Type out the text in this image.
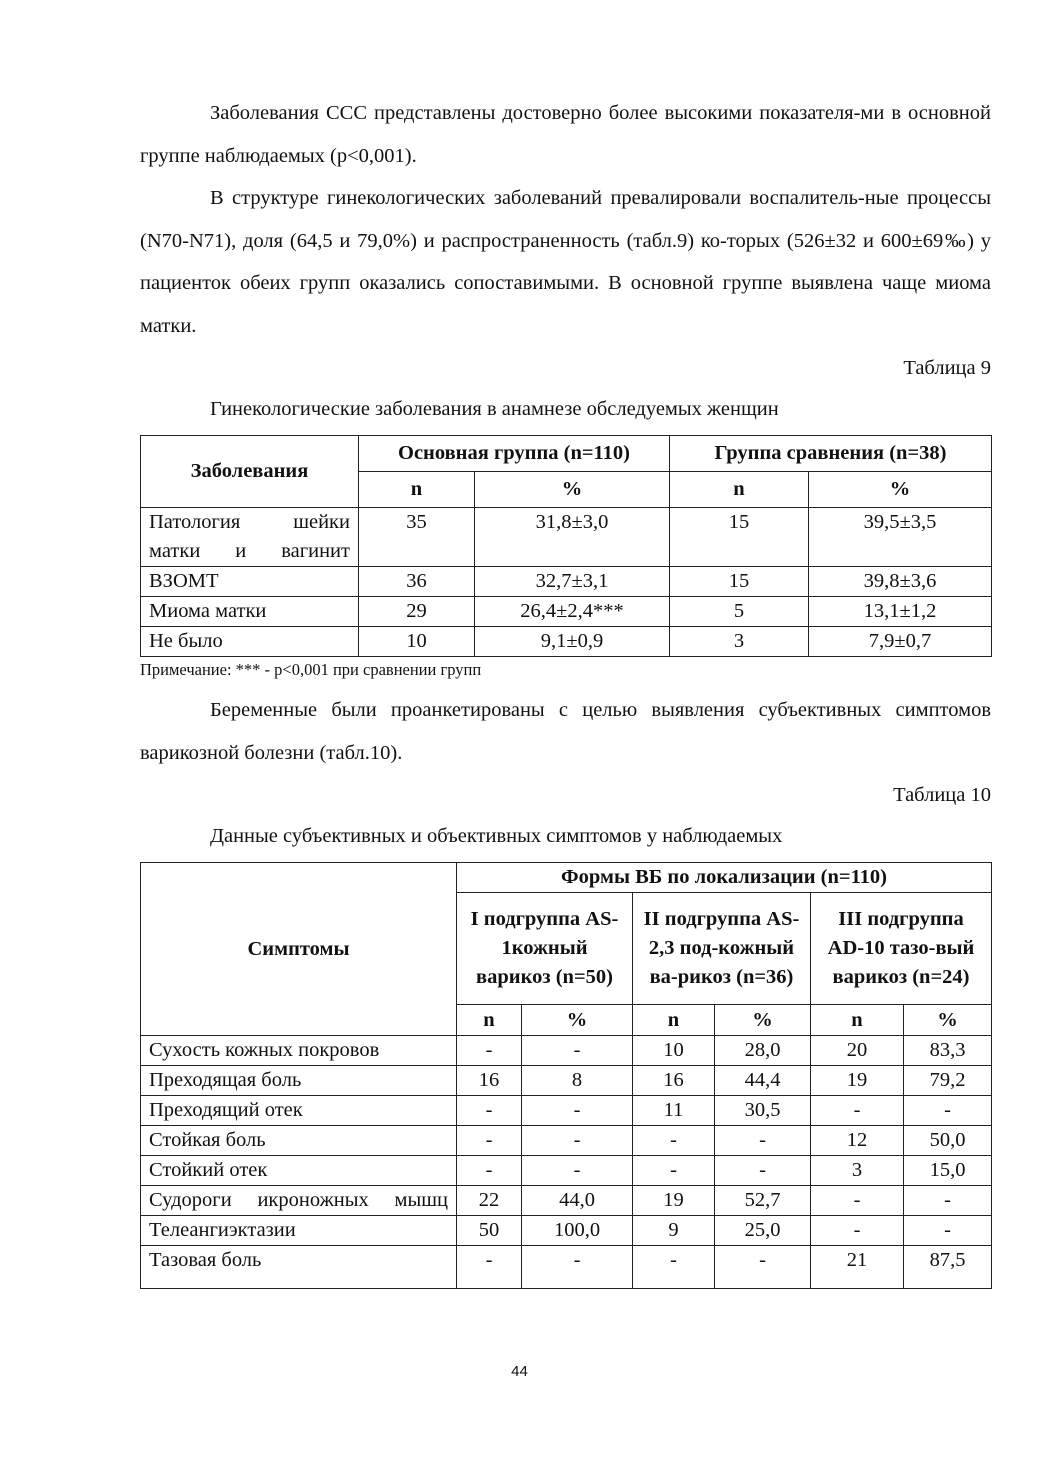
Заболевания ССС представлены достоверно более высокими показателя-ми в основной группе наблюдаемых (р<0,001).

В структуре гинекологических заболеваний превалировали воспалитель-ные процессы (N70-N71), доля (64,5 и 79,0%) и распространенность (табл.9) ко-торых (526±32 и 600±69‰) у пациенток обеих групп оказались сопоставимыми. В основной группе выявлена чаще миома матки.

Таблица 9

Гинекологические заболевания в анамнезе обследуемых женщин

Заболевания	Основная группа (n=110)		Группа сравнения (n=38)	
	n	%	n	%
Патология шейки матки и вагинит	35	31,8±3,0	15	39,5±3,5
ВЗОМТ	36	32,7±3,1	15	39,8±3,6
Миома матки	29	26,4±2,4***	5	13,1±1,2
Не было	10	9,1±0,9	3	7,9±0,7

Примечание: *** - р<0,001 при сравнении групп

Беременные были проанкетированы с целью выявления субъективных симптомов варикозной болезни (табл.10).

Таблица 10

Данные субъективных и объективных симптомов у наблюдаемых

Симптомы	Формы ВБ по локализации (n=110)					
	I подгруппа AS-1кожный варикоз (n=50)		II подгруппа AS-2,3 под-кожный ва-рикоз (n=36)		III подгруппа AD-10 тазо-вый варикоз (n=24)	
	n	%	n	%	n	%
Сухость кожных покровов	-	-	10	28,0	20	83,3
Преходящая боль	16	8	16	44,4	19	79,2
Преходящий отек	-	-	11	30,5	-	-
Стойкая боль	-	-	-	-	12	50,0
Стойкий отек	-	-	-	-	3	15,0
Судороги икроножных мышц	22	44,0	19	52,7	-	-
Телеангиэктазии	50	100,0	9	25,0	-	-
Тазовая боль	-	-	-	-	21	87,5
44
